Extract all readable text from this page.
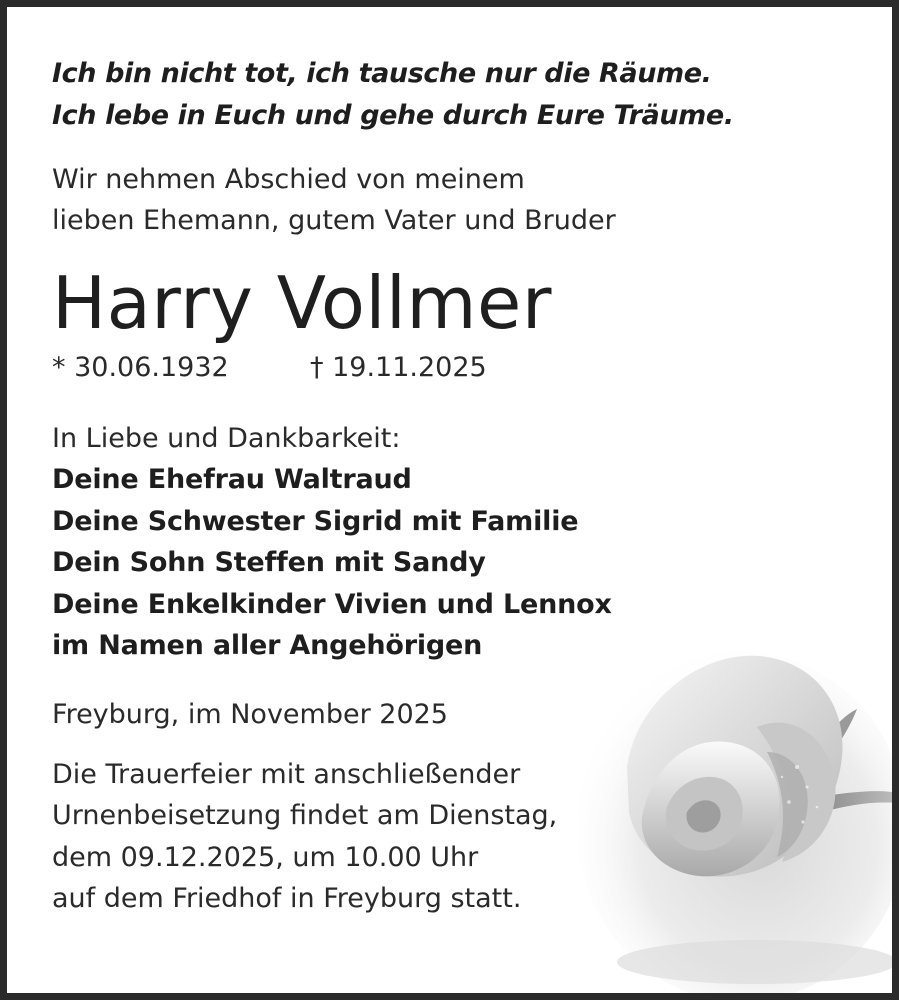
Ich bin nicht tot, ich tausche nur die Räume.
Ich lebe in Euch und gehe durch Eure Träume.
Wir nehmen Abschied von meinem
lieben Ehemann, gutem Vater und Bruder
Harry Vollmer
* 30.06.1932	† 19.11.2025
In Liebe und Dankbarkeit:
Deine Ehefrau Waltraud
Deine Schwester Sigrid mit Familie
Dein Sohn Steffen mit Sandy
Deine Enkelkinder Vivien und Lennox
im Namen aller Angehörigen
Freyburg, im November 2025
Die Trauerfeier mit anschließender
Urnenbeisetzung findet am Dienstag,
dem 09.12.2025, um 10.00 Uhr
auf dem Friedhof in Freyburg statt.
